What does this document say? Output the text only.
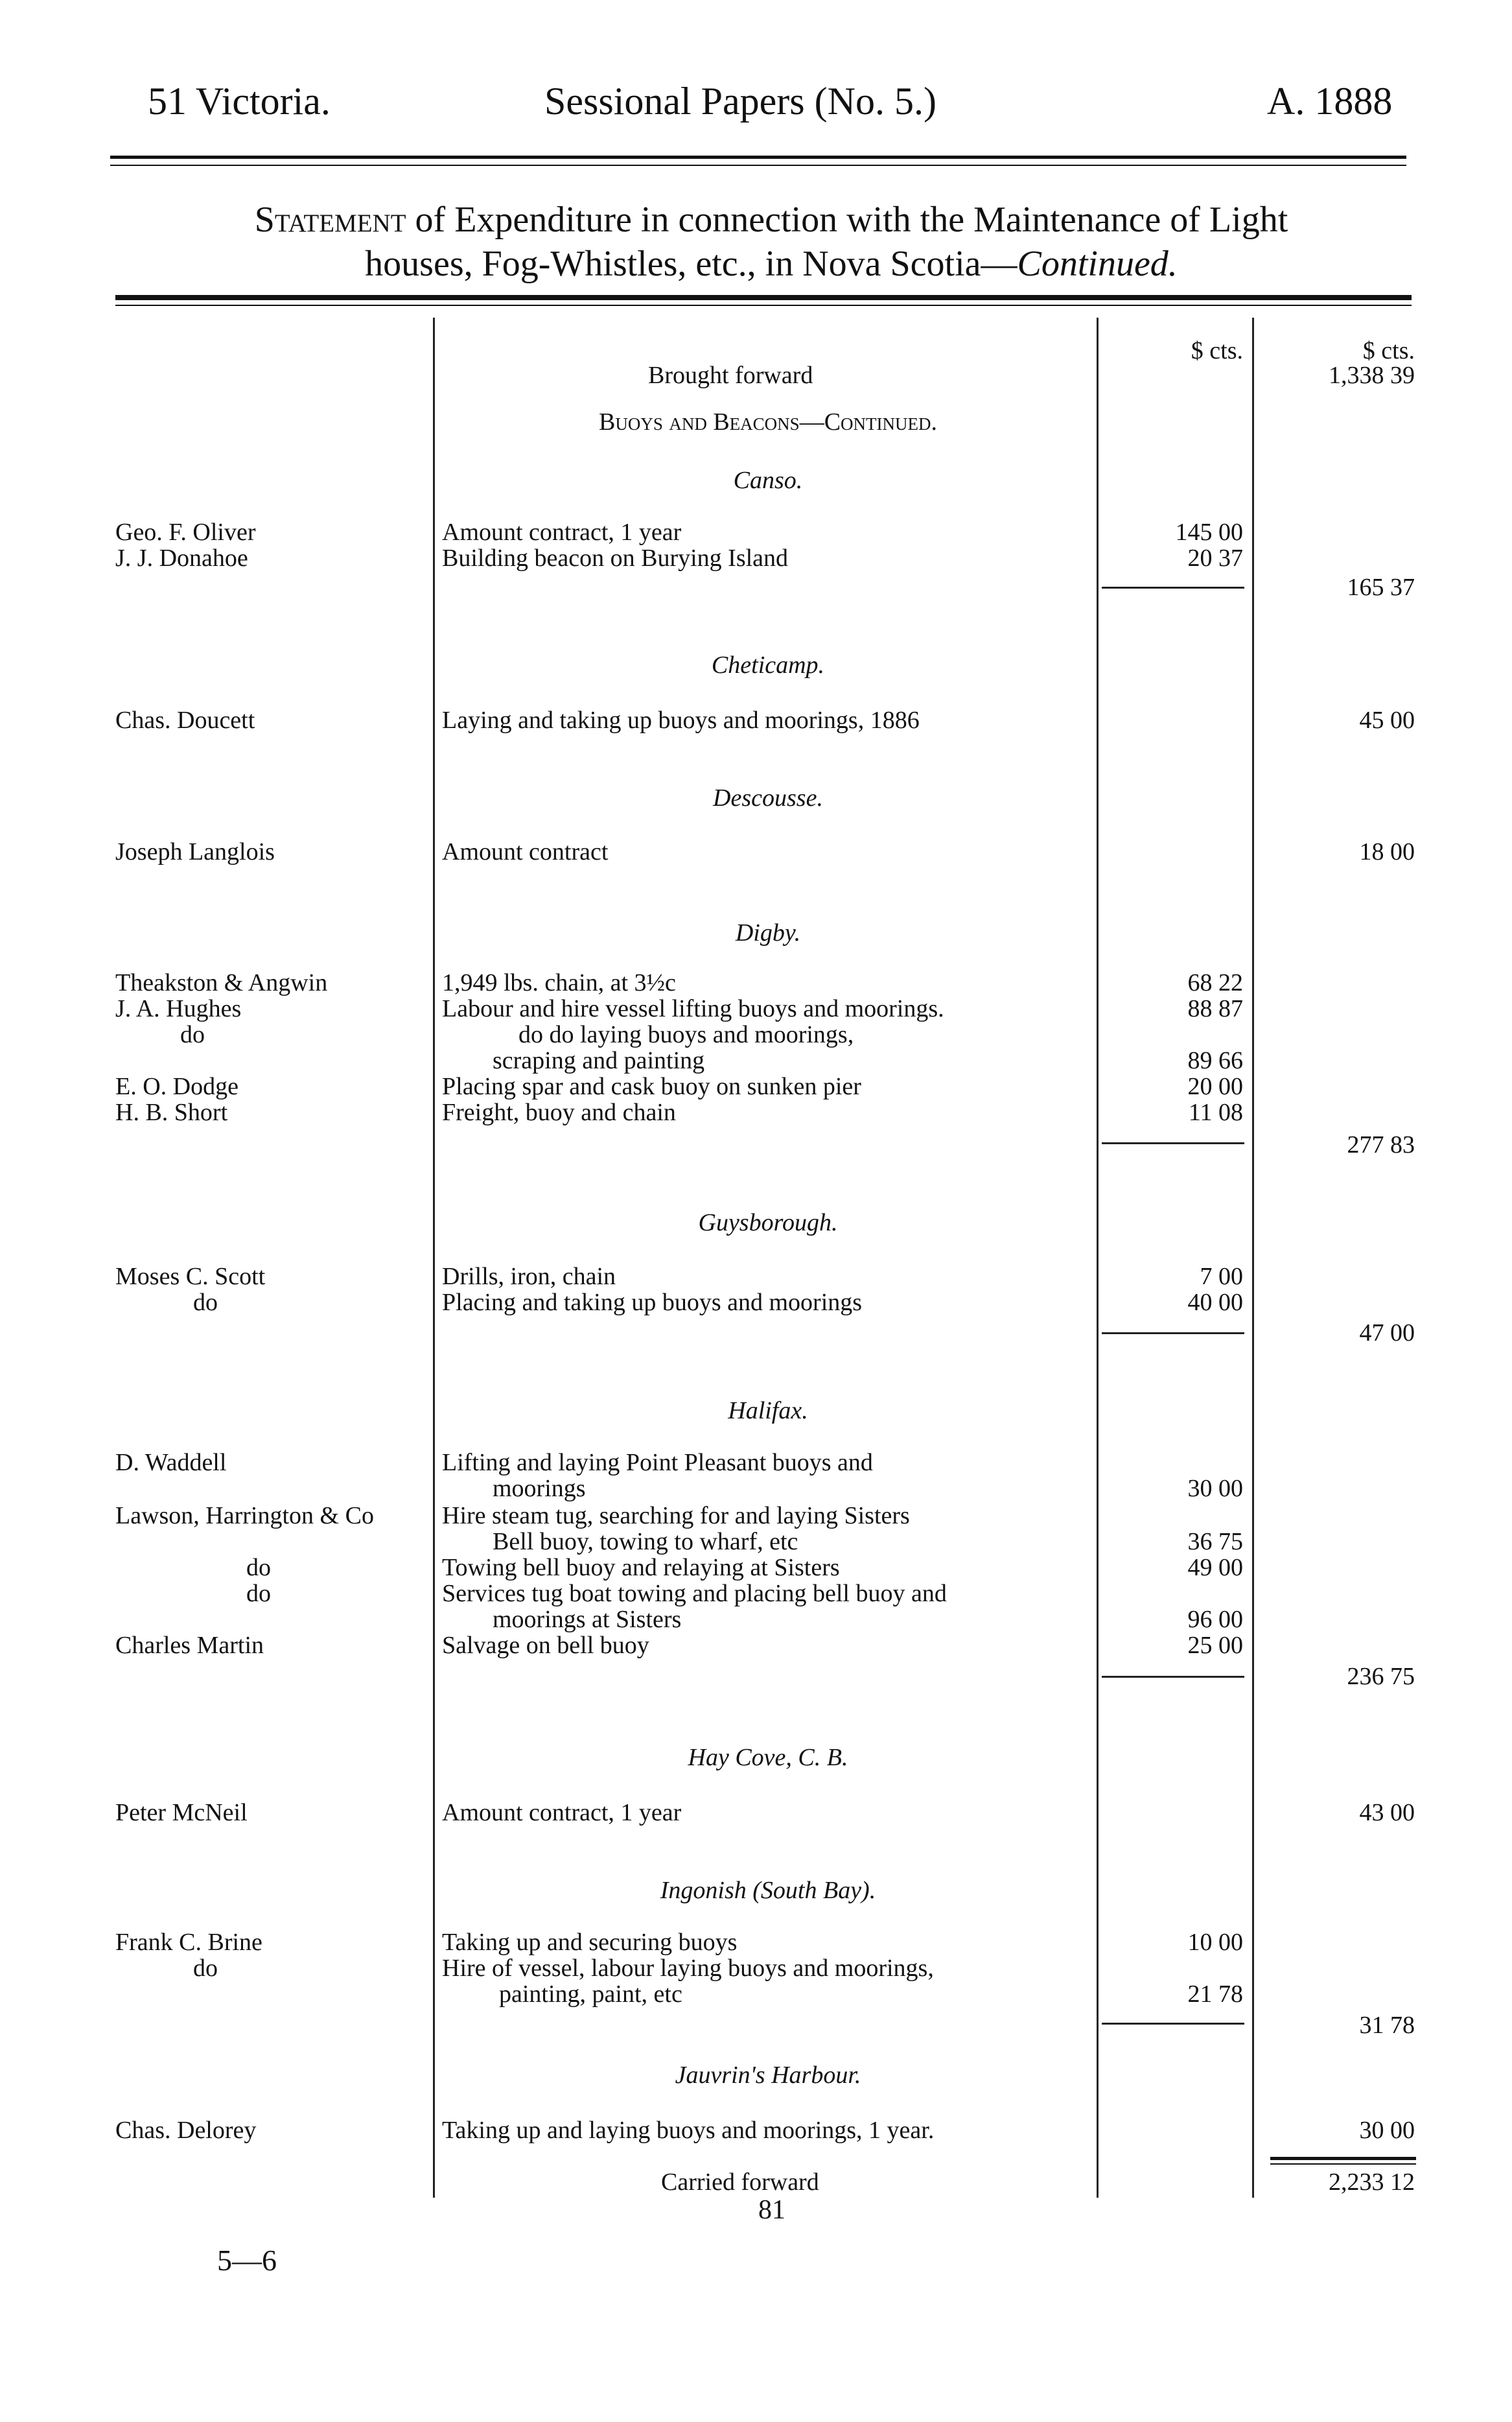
51 Victoria.	Sessional Papers (No. 5.)	A. 1888
Statement of Expenditure in connection with the Maintenance of Light
houses, Fog-Whistles, etc., in Nova Scotia—Continued.
$ cts.	$ cts.
Brought forward	1,338 39
Buoys and Beacons—Continued.
Canso.
Geo. F. Oliver	Amount contract, 1 year	145 00
J. J. Donahoe	Building beacon on Burying Island	20 37
165 37
Cheticamp.
Chas. Doucett	Laying and taking up buoys and moorings, 1886	45 00
Descousse.
Joseph Langlois	Amount contract	18 00
Digby.
Theakston & Angwin	1,949 lbs. chain, at 3½c	68 22
J. A. Hughes	Labour and hire vessel lifting buoys and moorings.	88 87
do	do do laying buoys and moorings,
scraping and painting	89 66
E. O. Dodge	Placing spar and cask buoy on sunken pier	20 00
H. B. Short	Freight, buoy and chain	11 08
277 83
Guysborough.
Moses C. Scott	Drills, iron, chain	7 00
do	Placing and taking up buoys and moorings	40 00
47 00
Halifax.
D. Waddell	Lifting and laying Point Pleasant buoys and
moorings	30 00
Lawson, Harrington & Co	Hire steam tug, searching for and laying Sisters
Bell buoy, towing to wharf, etc	36 75
do	Towing bell buoy and relaying at Sisters	49 00
do	Services tug boat towing and placing bell buoy and
moorings at Sisters	96 00
Charles Martin	Salvage on bell buoy	25 00
236 75
Hay Cove, C. B.
Peter McNeil	Amount contract, 1 year	43 00
Ingonish (South Bay).
Frank C. Brine	Taking up and securing buoys	10 00
do	Hire of vessel, labour laying buoys and moorings,
painting, paint, etc	21 78
31 78
Jauvrin's Harbour.
Chas. Delorey	Taking up and laying buoys and moorings, 1 year.	30 00
Carried forward	2,233 12
81
5—6
